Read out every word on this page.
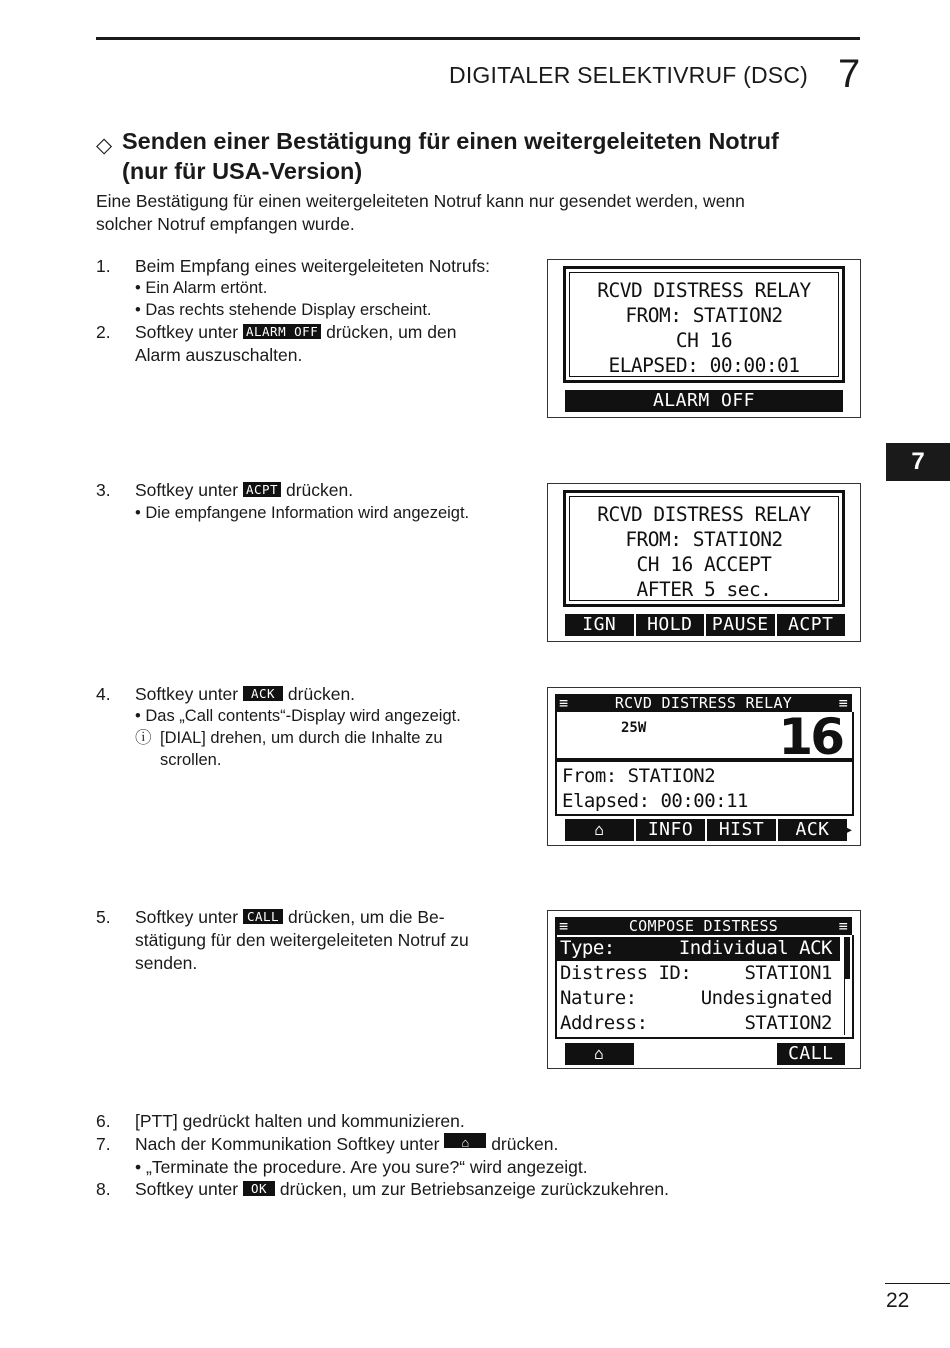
DIGITALER SELEKTIVRUF (DSC) 7
7
◇ Senden einer Bestätigung für einen weitergeleiteten Notruf
(nur für USA-Version)
Eine Bestätigung für einen weitergeleiteten Notruf kann nur gesendet werden, wenn
solcher Notruf empfangen wurde.
1. Beim Empfang eines weitergeleiteten Notrufs:
• Ein Alarm ertönt.
• Das rechts stehende Display erscheint.
2. Softkey unter ALARM OFF drücken, um den
Alarm auszuschalten.
RCVD DISTRESS RELAY
FROM: STATION2
CH 16
ELAPSED: 00:00:01
ALARM OFF
3. Softkey unter ACPT drücken.
• Die empfangene Information wird angezeigt.	RCVD DISTRESS RELAY
FROM: STATION2
CH 16 ACCEPT
AFTER 5 sec.
IGN	HOLD	PAUSE	ACPT
4. Softkey unter ACK drücken.
• Das „Call contents“-Display wird angezeigt.
ⓘ [DIAL] drehen, um durch die Inhalte zu
scrollen.
≡	RCVD DISTRESS RELAY	≡
25W	16
From: STATION2
Elapsed: 00:00:11
⌂	INFO	HIST	ACK	▸
5. Softkey unter CALL drücken, um die Be-
stätigung für den weitergeleiteten Notruf zu
senden.
≡	COMPOSE DISTRESS	≡
Type:	Individual ACK
Distress ID:	STATION1
Nature:	Undesignated
Address:	STATION2
⌂	CALL
6. [PTT] gedrückt halten und kommunizieren.
7. Nach der Kommunikation Softkey unter	⌂ drücken.
• „Terminate the procedure. Are you sure?“ wird angezeigt.
8. Softkey unter OK drücken, um zur Betriebsanzeige zurückzukehren.
22
